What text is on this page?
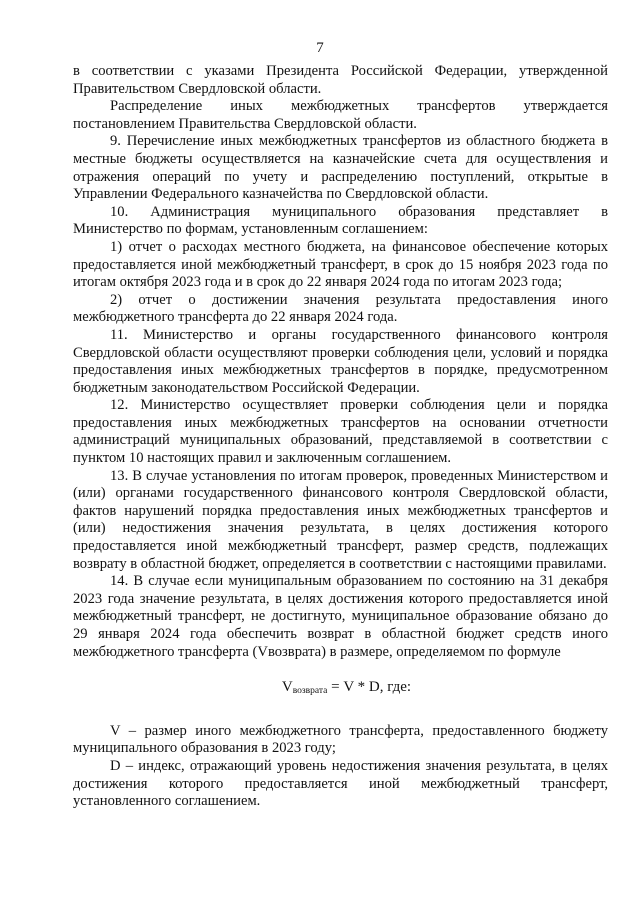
7

в соответствии с указами Президента Российской Федерации, утвержденной Правительством Свердловской области.

Распределение иных межбюджетных трансфертов утверждается постановлением Правительства Свердловской области.

9. Перечисление иных межбюджетных трансфертов из областного бюджета в местные бюджеты осуществляется на казначейские счета для осуществления и отражения операций по учету и распределению поступлений, открытые в Управлении Федерального казначейства по Свердловской области.

10. Администрация муниципального образования представляет в Министерство по формам, установленным соглашением:

1) отчет о расходах местного бюджета, на финансовое обеспечение которых предоставляется иной межбюджетный трансферт, в срок до 15 ноября 2023 года по итогам октября 2023 года и в срок до 22 января 2024 года по итогам 2023 года;

2) отчет о достижении значения результата предоставления иного межбюджетного трансферта до 22 января 2024 года.

11. Министерство и органы государственного финансового контроля Свердловской области осуществляют проверки соблюдения цели, условий и порядка предоставления иных межбюджетных трансфертов в порядке, предусмотренном бюджетным законодательством Российской Федерации.

12. Министерство осуществляет проверки соблюдения цели и порядка предоставления иных межбюджетных трансфертов на основании отчетности администраций муниципальных образований, представляемой в соответствии с пунктом 10 настоящих правил и заключенным соглашением.

13. В случае установления по итогам проверок, проведенных Министерством и (или) органами государственного финансового контроля Свердловской области, фактов нарушений порядка предоставления иных межбюджетных трансфертов и (или) недостижения значения результата, в целях достижения которого предоставляется иной межбюджетный трансферт, размер средств, подлежащих возврату в областной бюджет, определяется в соответствии с настоящими правилами.

14. В случае если муниципальным образованием по состоянию на 31 декабря 2023 года значение результата, в целях достижения которого предоставляется иной межбюджетный трансферт, не достигнуто, муниципальное образование обязано до 29 января 2024 года обеспечить возврат в областной бюджет средств иного межбюджетного трансферта (Vвозврата) в размере, определяемом по формуле

$V_{возврата} = V * D$, где:

V – размер иного межбюджетного трансферта, предоставленного бюджету муниципального образования в 2023 году;

D – индекс, отражающий уровень недостижения значения результата, в целях достижения которого предоставляется иной межбюджетный трансферт, установленного соглашением.
